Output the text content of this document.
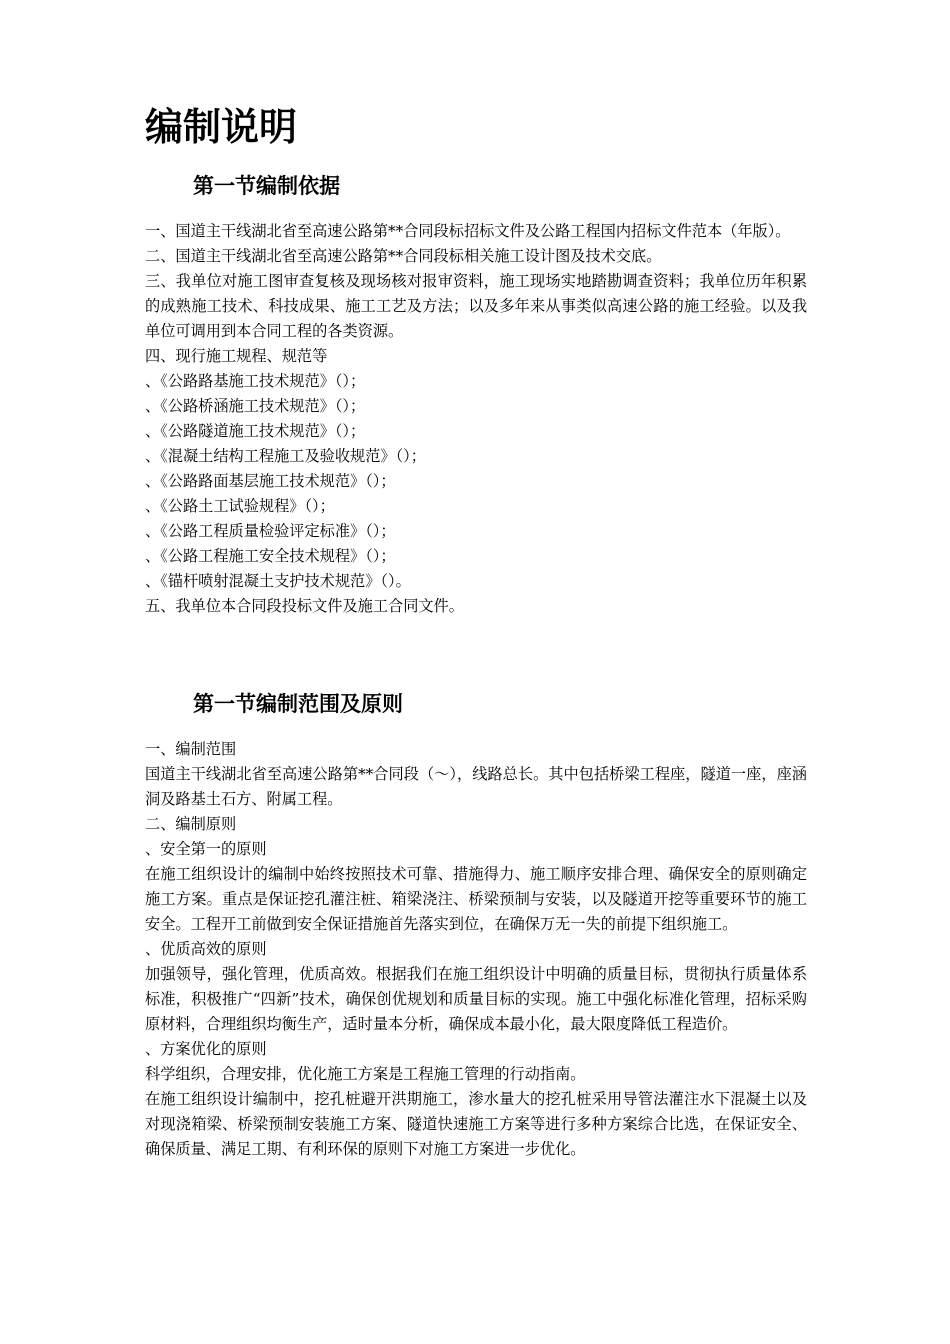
编制说明
第一节编制依据

一、国道主干线湖北省至高速公路第**合同段标招标文件及公路工程国内招标文件范本（年版）。

二、国道主干线湖北省至高速公路第**合同段标相关施工设计图及技术交底。

三、我单位对施工图审查复核及现场核对报审资料，施工现场实地踏勘调查资料；我单位历年积累的成熟施工技术、科技成果、施工工艺及方法；以及多年来从事类似高速公路的施工经验。以及我单位可调用到本合同工程的各类资源。

四、现行施工规程、规范等

、《公路路基施工技术规范》（）；

、《公路桥涵施工技术规范》（）；

、《公路隧道施工技术规范》（）；

、《混凝土结构工程施工及验收规范》（）；

、《公路路面基层施工技术规范》（）；

、《公路土工试验规程》（）；

、《公路工程质量检验评定标准》（）；

、《公路工程施工安全技术规程》（）；

、《锚杆喷射混凝土支护技术规范》（）。

五、我单位本合同段投标文件及施工合同文件。

第一节编制范围及原则

一、编制范围

国道主干线湖北省至高速公路第**合同段（～），线路总长。其中包括桥梁工程座，隧道一座，座涵洞及路基土石方、附属工程。

二、编制原则

、安全第一的原则

在施工组织设计的编制中始终按照技术可靠、措施得力、施工顺序安排合理、确保安全的原则确定施工方案。重点是保证挖孔灌注桩、箱梁浇注、桥梁预制与安装，以及隧道开挖等重要环节的施工安全。工程开工前做到安全保证措施首先落实到位，在确保万无一失的前提下组织施工。

、优质高效的原则

加强领导，强化管理，优质高效。根据我们在施工组织设计中明确的质量目标，贯彻执行质量体系标准，积极推广“四新”技术，确保创优规划和质量目标的实现。施工中强化标准化管理，招标采购原材料，合理组织均衡生产，适时量本分析，确保成本最小化，最大限度降低工程造价。

、方案优化的原则

科学组织，合理安排，优化施工方案是工程施工管理的行动指南。

在施工组织设计编制中，挖孔桩避开洪期施工，渗水量大的挖孔桩采用导管法灌注水下混凝土以及对现浇箱梁、桥梁预制安装施工方案、隧道快速施工方案等进行多种方案综合比选，在保证安全、确保质量、满足工期、有利环保的原则下对施工方案进一步优化。
